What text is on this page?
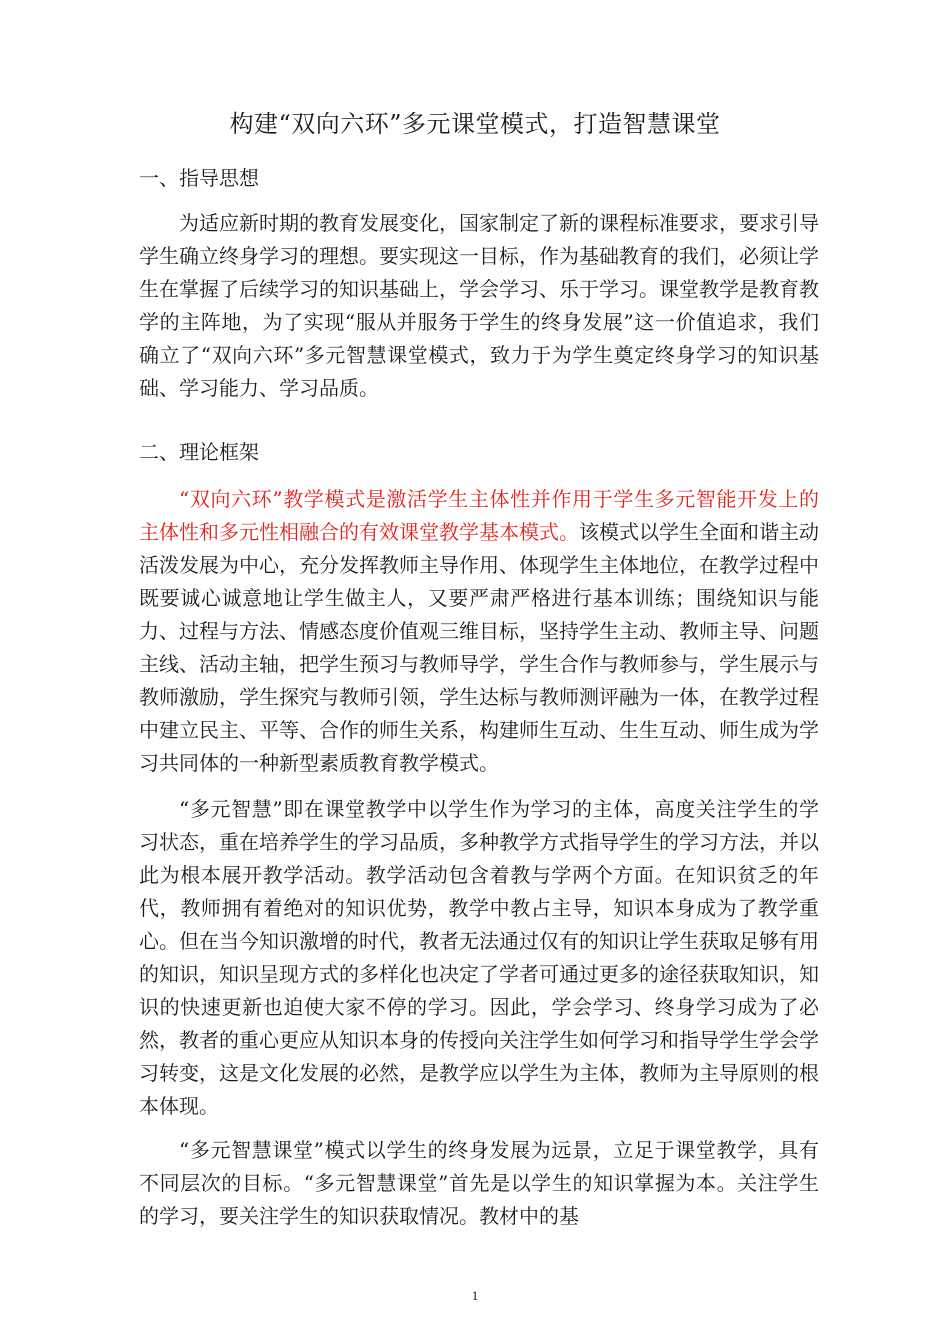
构建“双向六环”多元课堂模式，打造智慧课堂
一、指导思想

为适应新时期的教育发展变化，国家制定了新的课程标准要求，要求引导学生确立终身学习的理想。要实现这一目标，作为基础教育的我们，必须让学生在掌握了后续学习的知识基础上，学会学习、乐于学习。课堂教学是教育教学的主阵地，为了实现“服从并服务于学生的终身发展”这一价值追求，我们确立了“双向六环”多元智慧课堂模式，致力于为学生奠定终身学习的知识基础、学习能力、学习品质。

二、理论框架

“双向六环”教学模式是激活学生主体性并作用于学生多元智能开发上的主体性和多元性相融合的有效课堂教学基本模式。该模式以学生全面和谐主动活泼发展为中心，充分发挥教师主导作用、体现学生主体地位，在教学过程中既要诚心诚意地让学生做主人，又要严肃严格进行基本训练；围绕知识与能力、过程与方法、情感态度价值观三维目标，坚持学生主动、教师主导、问题主线、活动主轴，把学生预习与教师导学，学生合作与教师参与，学生展示与教师激励，学生探究与教师引领，学生达标与教师测评融为一体，在教学过程中建立民主、平等、合作的师生关系，构建师生互动、生生互动、师生成为学习共同体的一种新型素质教育教学模式。

“多元智慧”即在课堂教学中以学生作为学习的主体，高度关注学生的学习状态，重在培养学生的学习品质，多种教学方式指导学生的学习方法，并以此为根本展开教学活动。教学活动包含着教与学两个方面。在知识贫乏的年代，教师拥有着绝对的知识优势，教学中教占主导，知识本身成为了教学重心。但在当今知识激增的时代，教者无法通过仅有的知识让学生获取足够有用的知识，知识呈现方式的多样化也决定了学者可通过更多的途径获取知识，知识的快速更新也迫使大家不停的学习。因此，学会学习、终身学习成为了必然，教者的重心更应从知识本身的传授向关注学生如何学习和指导学生学会学习转变，这是文化发展的必然，是教学应以学生为主体，教师为主导原则的根本体现。

“多元智慧课堂”模式以学生的终身发展为远景，立足于课堂教学，具有不同层次的目标。“多元智慧课堂”首先是以学生的知识掌握为本。关注学生的学习，要关注学生的知识获取情况。教材中的基

1
